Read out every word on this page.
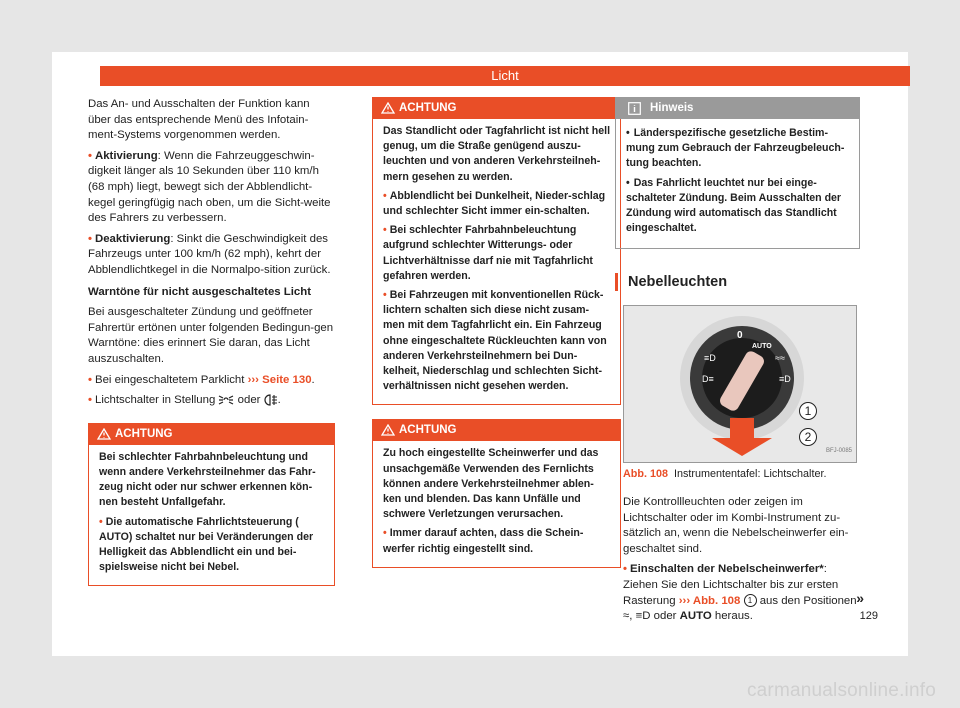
Licht

Das An- und Ausschalten der Funktion kann über das entsprechende Menü des Infotain-ment-Systems vorgenommen werden.

• Aktivierung: Wenn die Fahrzeuggeschwin-digkeit länger als 10 Sekunden über 110 km/h (68 mph) liegt, bewegt sich der Abblendlicht-kegel geringfügig nach oben, um die Sicht-weite des Fahrers zu verbessern.

• Deaktivierung: Sinkt die Geschwindigkeit des Fahrzeugs unter 100 km/h (62 mph), kehrt der Abblendlichtkegel in die Normalpo-sition zurück.

Warntöne für nicht ausgeschaltetes Licht

Bei ausgeschalteter Zündung und geöffneter Fahrertür ertönen unter folgenden Bedingun-gen Warntöne: dies erinnert Sie daran, das Licht auszuschalten.

• Bei eingeschaltetem Parklicht ››› Seite 130.

• Lichtschalter in Stellung oder .

ACHTUNG

Bei schlechter Fahrbahnbeleuchtung und wenn andere Verkehrsteilnehmer das Fahr-zeug nicht oder nur schwer erkennen kön-nen besteht Unfallgefahr.

• Die automatische Fahrlichtsteuerung ( AUTO) schaltet nur bei Veränderungen der Helligkeit das Abblendlicht ein und bei-spielsweise nicht bei Nebel.

ACHTUNG

Das Standlicht oder Tagfahrlicht ist nicht hell genug, um die Straße genügend auszu-leuchten und von anderen Verkehrsteilneh-mern gesehen zu werden.

• Abblendlicht bei Dunkelheit, Nieder-schlag und schlechter Sicht immer ein-schalten.

• Bei schlechter Fahrbahnbeleuchtung aufgrund schlechter Witterungs- oder Lichtverhältnisse darf nie mit Tagfahrlicht gefahren werden.

• Bei Fahrzeugen mit konventionellen Rück-lichtern schalten sich diese nicht zusam-men mit dem Tagfahrlicht ein. Ein Fahrzeug ohne eingeschaltete Rückleuchten kann von anderen Verkehrsteilnehmern bei Dun-kelheit, Niederschlag und schlechten Sicht-verhältnissen nicht gesehen werden.

ACHTUNG

Zu hoch eingestellte Scheinwerfer und das unsachgemäße Verwenden des Fernlichts können andere Verkehrsteilnehmer ablen-ken und blenden. Das kann Unfälle und schwere Verletzungen verursachen.

• Immer darauf achten, dass die Schein-werfer richtig eingestellt sind.

Hinweis

• Länderspezifische gesetzliche Bestim-mung zum Gebrauch der Fahrzeugbeleuch-tung beachten.

• Das Fahrlicht leuchtet nur bei einge-schalteter Zündung. Beim Ausschalten der Zündung wird automatisch das Standlicht eingeschaltet.

Nebelleuchten
0
AUTO
≡D	≈≈
D≡	≡D
1
2
BFJ-0085
Abb. 108 Instrumententafel: Lichtschalter.

Die Kontrollleuchten oder zeigen im Lichtschalter oder im Kombi-Instrument zu-sätzlich an, wenn die Nebelscheinwerfer ein-geschaltet sind.

• Einschalten der Nebelscheinwerfer*: Ziehen Sie den Lichtschalter bis zur ersten Rasterung ››› Abb. 108 1 aus den Positionen ≈, ≡D oder AUTO heraus.

»
129
carmanualsonline.info
